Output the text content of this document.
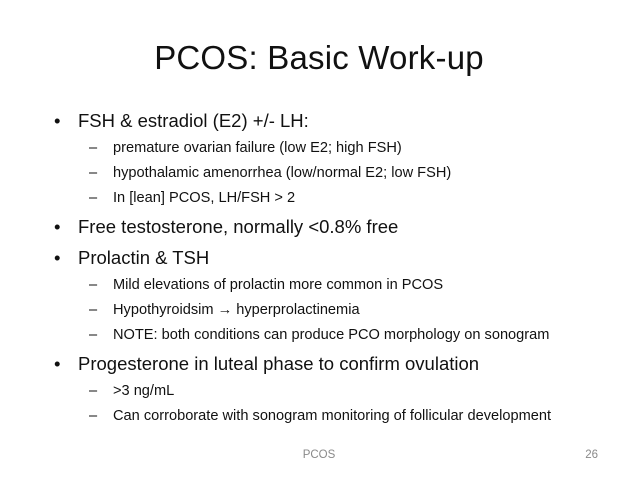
PCOS: Basic Work-up
• FSH & estradiol (E2) +/- LH:
– premature ovarian failure (low E2; high FSH)
– hypothalamic amenorrhea (low/normal E2; low FSH)
– In [lean] PCOS, LH/FSH > 2
• Free testosterone, normally <0.8% free
• Prolactin & TSH
– Mild elevations of prolactin more common in PCOS
– Hypothyroidsim → hyperprolactinemia
– NOTE: both conditions can produce PCO morphology on sonogram
• Progesterone in luteal phase to confirm ovulation
– >3 ng/mL
– Can corroborate with sonogram monitoring of follicular development
PCOS	26
